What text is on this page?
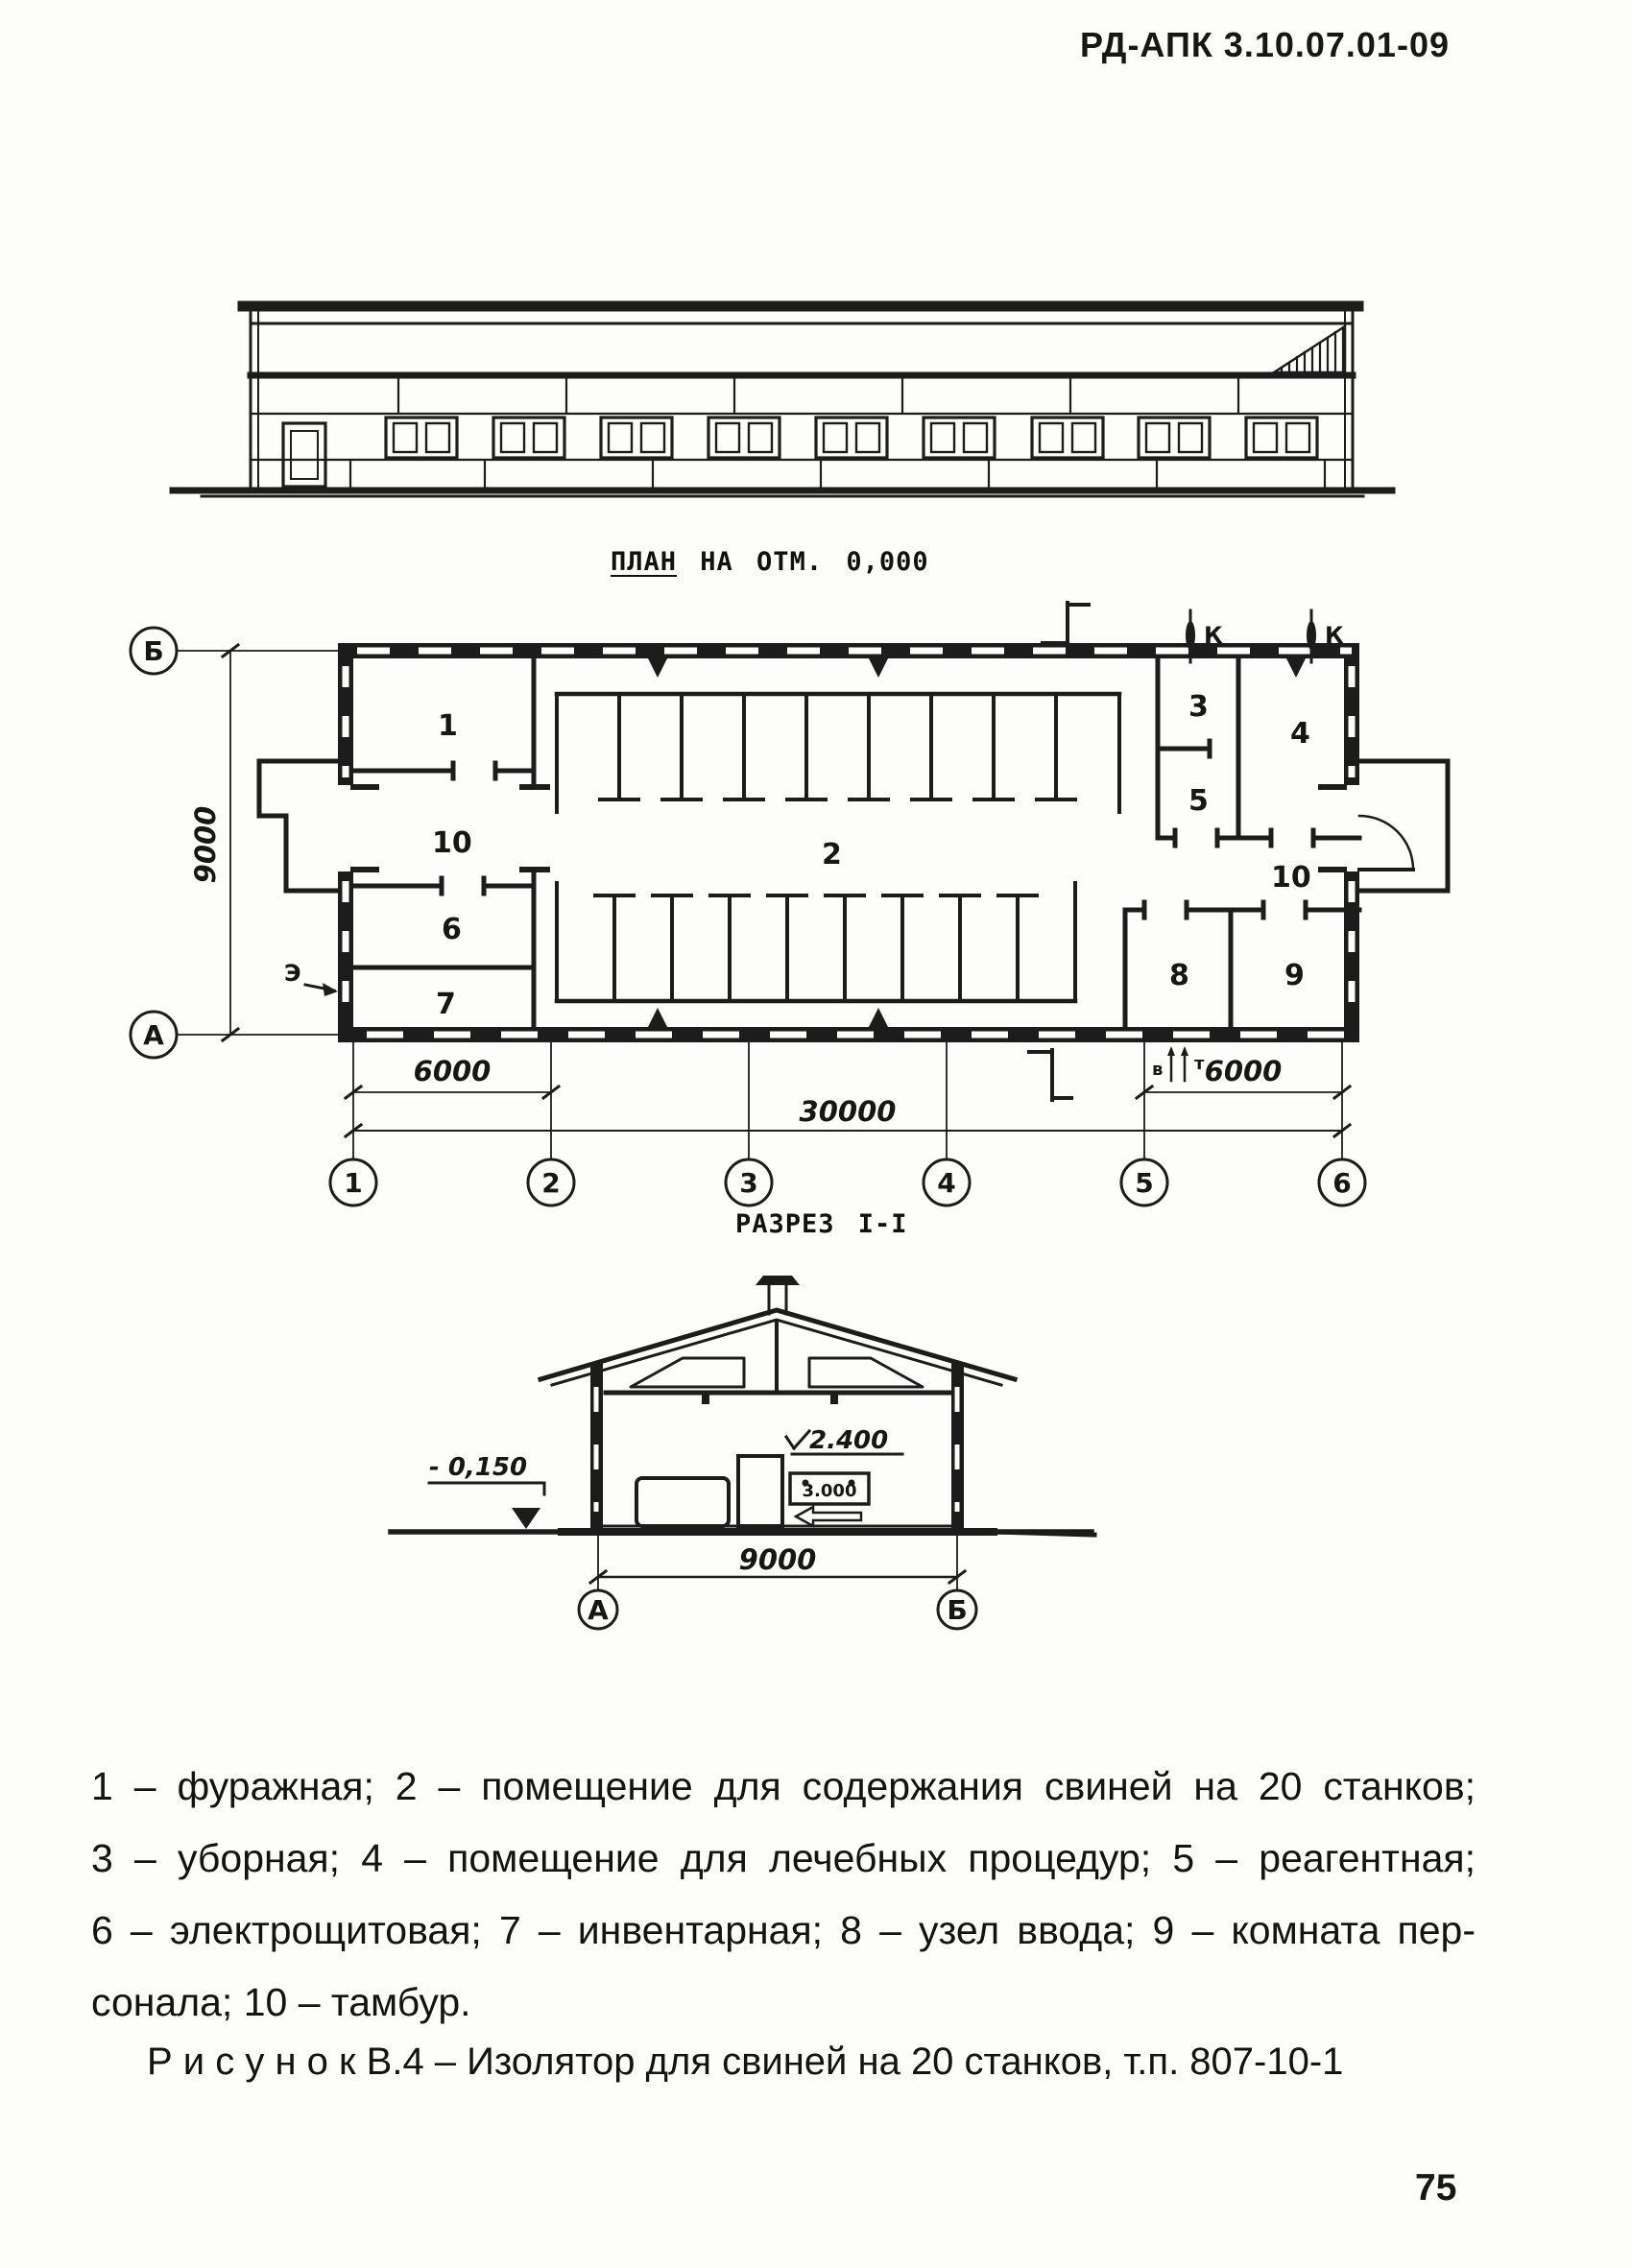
РД-АПК 3.10.07.01-09
ПЛАН НА ОТМ. 0,000
6000
30000
6000
9000
1
10
6
7
2
3
5
4
10
8	9
Э
К	К
в т
Б
А
1	2	3	4	5	6
РАЗРЕЗ I-I
2.400
3.000
- 0,150
9000
А	Б
1 – фуражная; 2 – помещение для содержания свиней на 20 станков;
3 – уборная; 4 – помещение для лечебных процедур; 5 – реагентная;
6 – электрощитовая; 7 – инвентарная; 8 – узел ввода; 9 – комната пер-
сонала; 10 – тамбур.
Р и с у н о к В.4 – Изолятор для свиней на 20 станков, т.п. 807-10-1
75
